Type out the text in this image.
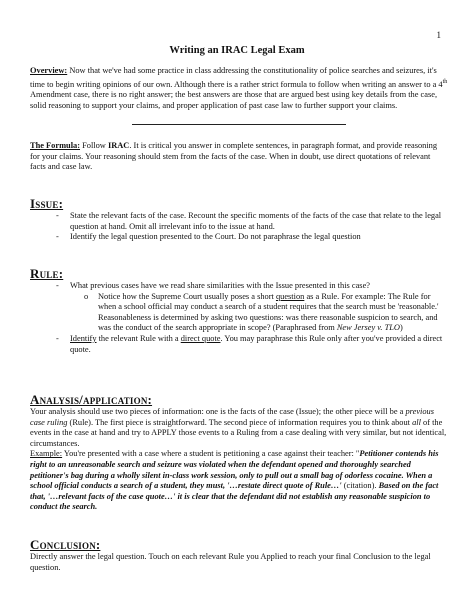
1
Writing an IRAC Legal Exam
Overview: Now that we've had some practice in class addressing the constitutionality of police searches and seizures, it's time to begin writing opinions of our own. Although there is a rather strict formula to follow when writing an answer to a 4th Amendment case, there is no right answer; the best answers are those that are argued best using key details from the case, solid reasoning to support your claims, and proper application of past case law to further support your claims.
The Formula: Follow IRAC. It is critical you answer in complete sentences, in paragraph format, and provide reasoning for your claims. Your reasoning should stem from the facts of the case. When in doubt, use direct quotations of relevant facts and case law.
Issue:
- State the relevant facts of the case. Recount the specific moments of the facts of the case that relate to the legal question at hand. Omit all irrelevant info to the issue at hand.
- Identify the legal question presented to the Court. Do not paraphrase the legal question
Rule:
- What previous cases have we read share similarities with the Issue presented in this case?
o Notice how the Supreme Court usually poses a short question as a Rule. For example: The Rule for when a school official may conduct a search of a student requires that the search must be 'reasonable.' Reasonableness is determined by asking two questions: was there reasonable suspicion to search, and was the conduct of the search appropriate in scope? (Paraphrased from New Jersey v. TLO)
- Identify the relevant Rule with a direct quote. You may paraphrase this Rule only after you've provided a direct quote.
Analysis/application:
Your analysis should use two pieces of information: one is the facts of the case (Issue); the other piece will be a previous case ruling (Rule). The first piece is straightforward. The second piece of information requires you to think about all of the events in the case at hand and try to APPLY those events to a Ruling from a case dealing with very similar, but not identical, circumstances.
Example: You're presented with a case where a student is petitioning a case against their teacher: "Petitioner contends his right to an unreasonable search and seizure was violated when the defendant opened and thoroughly searched petitioner's bag during a wholly silent in-class work session, only to pull out a small bag of odorless cocaine. When a school official conducts a search of a student, they must, '…restate direct quote of Rule…' (citation). Based on the fact that, '…relevant facts of the case quote…' it is clear that the defendant did not establish any reasonable suspicion to conduct the search.
Conclusion:
Directly answer the legal question. Touch on each relevant Rule you Applied to reach your final Conclusion to the legal question.
